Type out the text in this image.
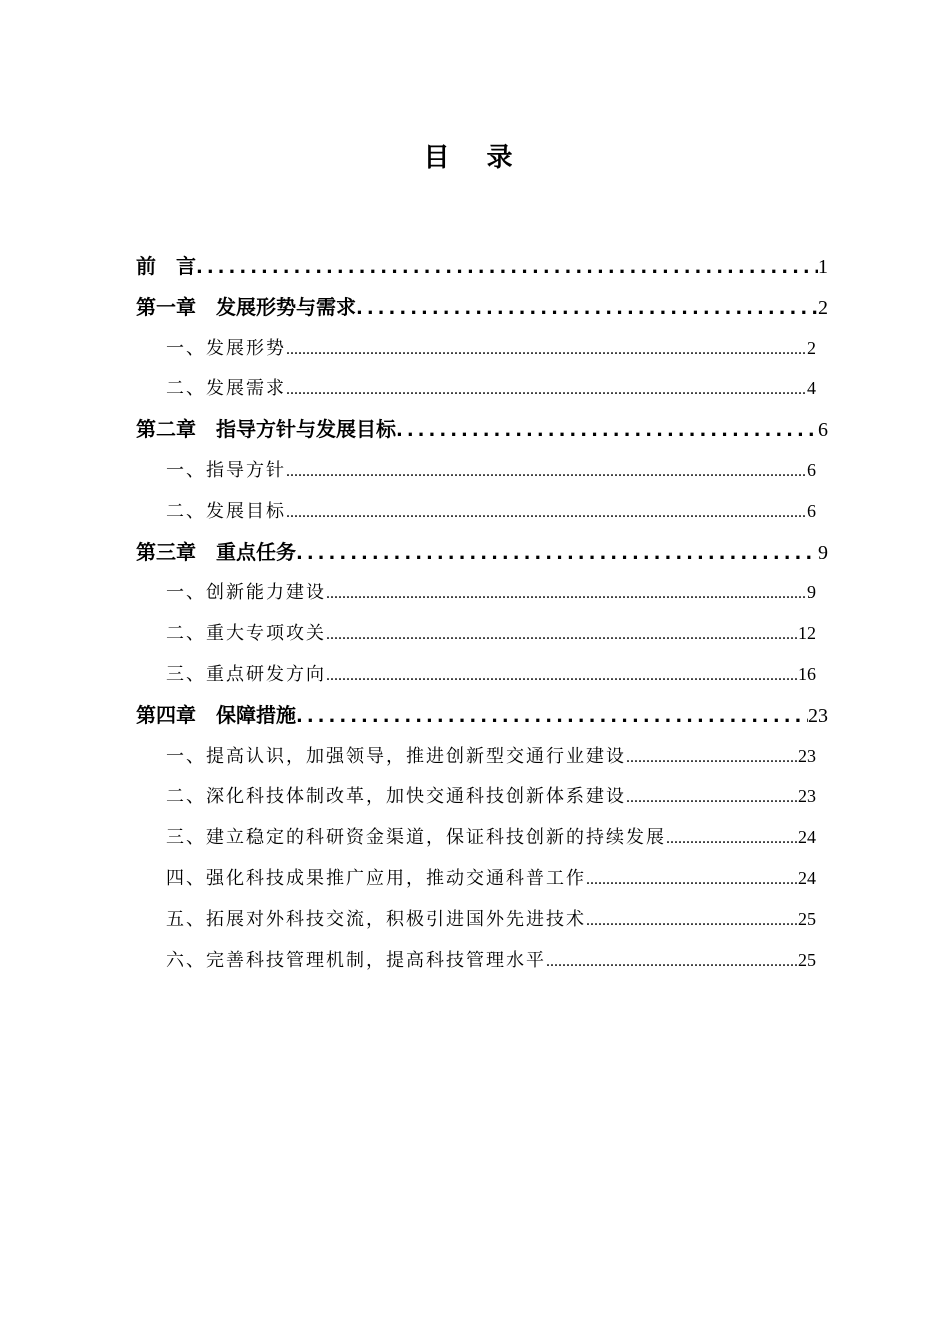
目 录
前　言 .....	1
第一章　发展形势与需求 .....	2
一、发展形势 .....	2
二、发展需求 .....	4
第二章　指导方针与发展目标 .....	6
一、指导方针 .....	6
二、发展目标 .....	6
第三章　重点任务 .....	9
一、创新能力建设 .....	9
二、重大专项攻关 .....	12
三、重点研发方向 .....	16
第四章　保障措施 .....	23
一、提高认识，加强领导，推进创新型交通行业建设 .....	23
二、深化科技体制改革，加快交通科技创新体系建设 .....	23
三、建立稳定的科研资金渠道，保证科技创新的持续发展 .....	24
四、强化科技成果推广应用，推动交通科普工作 .....	24
五、拓展对外科技交流，积极引进国外先进技术 .....	25
六、完善科技管理机制，提高科技管理水平 .....	25
